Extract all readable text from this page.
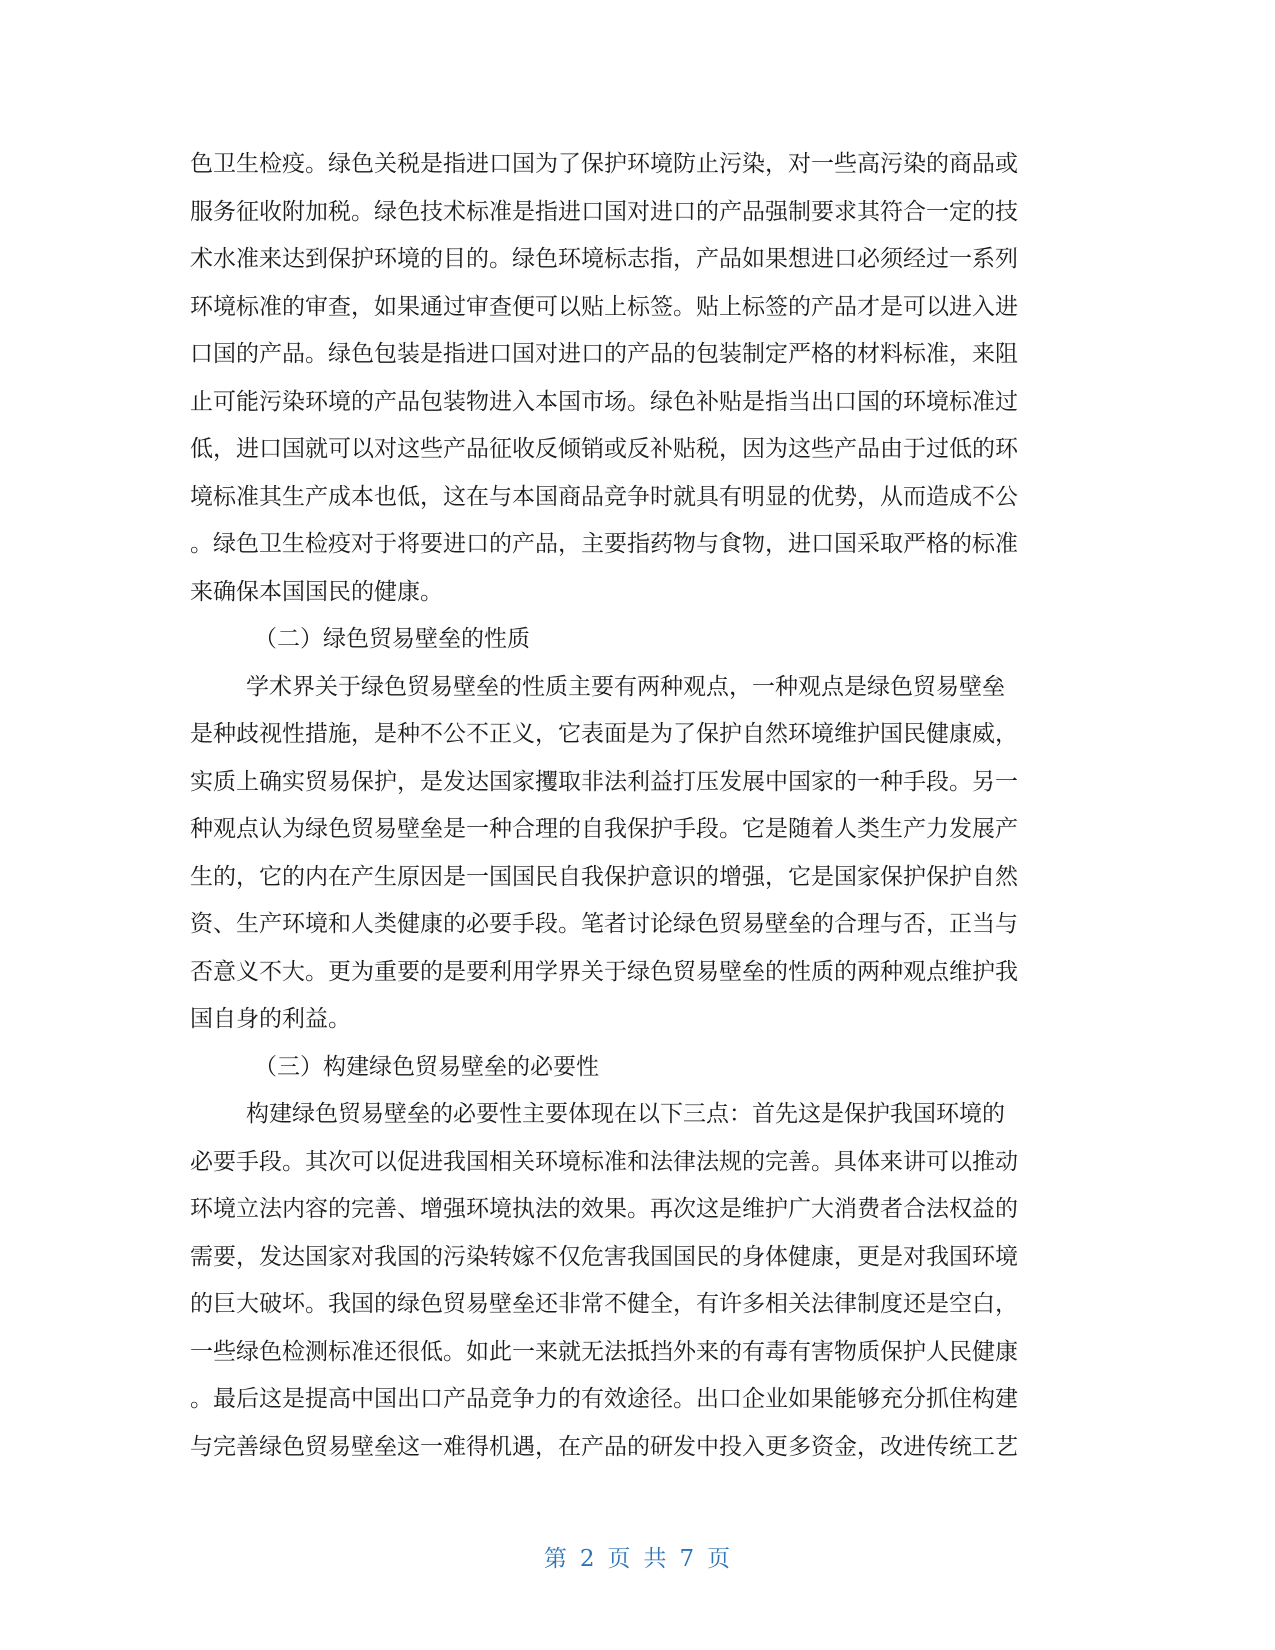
色卫生检疫。绿色关税是指进口国为了保护环境防止污染，对一些高污染的商品或
服务征收附加税。绿色技术标准是指进口国对进口的产品强制要求其符合一定的技
术水准来达到保护环境的目的。绿色环境标志指，产品如果想进口必须经过一系列
环境标准的审查，如果通过审查便可以贴上标签。贴上标签的产品才是可以进入进
口国的产品。绿色包装是指进口国对进口的产品的包装制定严格的材料标准，来阻
止可能污染环境的产品包装物进入本国市场。绿色补贴是指当出口国的环境标准过
低，进口国就可以对这些产品征收反倾销或反补贴税，因为这些产品由于过低的环
境标准其生产成本也低，这在与本国商品竞争时就具有明显的优势，从而造成不公
。绿色卫生检疫对于将要进口的产品，主要指药物与食物，进口国采取严格的标准
来确保本国国民的健康。
（二）绿色贸易壁垒的性质
学术界关于绿色贸易壁垒的性质主要有两种观点，一种观点是绿色贸易壁垒
是种歧视性措施，是种不公不正义，它表面是为了保护自然环境维护国民健康威，
实质上确实贸易保护，是发达国家攫取非法利益打压发展中国家的一种手段。另一
种观点认为绿色贸易壁垒是一种合理的自我保护手段。它是随着人类生产力发展产
生的，它的内在产生原因是一国国民自我保护意识的增强，它是国家保护保护自然
资、生产环境和人类健康的必要手段。笔者讨论绿色贸易壁垒的合理与否，正当与
否意义不大。更为重要的是要利用学界关于绿色贸易壁垒的性质的两种观点维护我
国自身的利益。
（三）构建绿色贸易壁垒的必要性
构建绿色贸易壁垒的必要性主要体现在以下三点：首先这是保护我国环境的
必要手段。其次可以促进我国相关环境标准和法律法规的完善。具体来讲可以推动
环境立法内容的完善、增强环境执法的效果。再次这是维护广大消费者合法权益的
需要，发达国家对我国的污染转嫁不仅危害我国国民的身体健康，更是对我国环境
的巨大破坏。我国的绿色贸易壁垒还非常不健全，有许多相关法律制度还是空白，
一些绿色检测标准还很低。如此一来就无法抵挡外来的有毒有害物质保护人民健康
。最后这是提高中国出口产品竞争力的有效途径。出口企业如果能够充分抓住构建
与完善绿色贸易壁垒这一难得机遇，在产品的研发中投入更多资金，改进传统工艺
第 2 页 共 7 页
